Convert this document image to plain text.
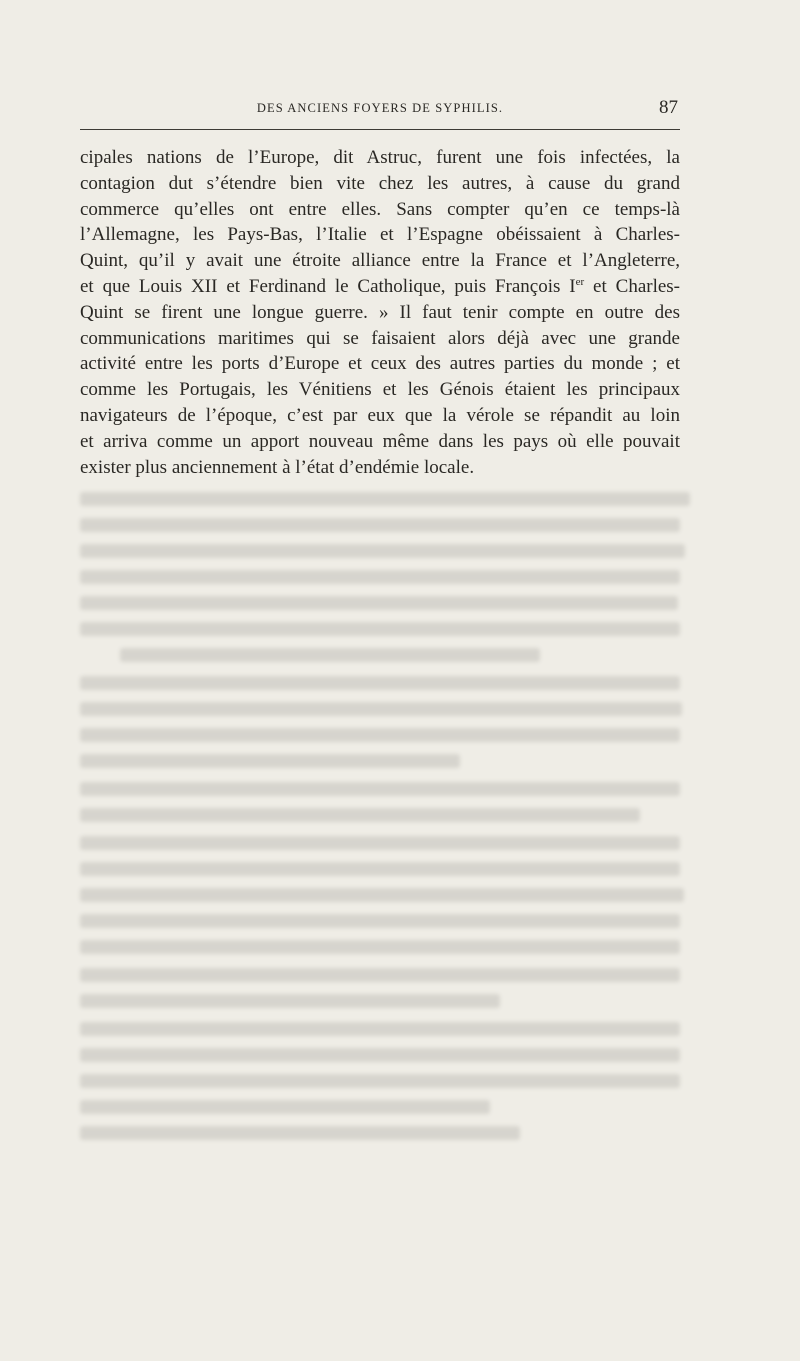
DES ANCIENS FOYERS DE SYPHILIS.	87
cipales nations de l’Europe, dit Astruc, furent une fois infectées, la
contagion dut s’étendre bien vite chez les autres, à cause du grand
commerce qu’elles ont entre elles. Sans compter qu’en ce temps-là
l’Allemagne, les Pays-Bas, l’Italie et l’Espagne obéissaient à Charles-
Quint, qu’il y avait une étroite alliance entre la France et l’Angleterre,
et que Louis XII et Ferdinand le Catholique, puis François Ier et Charles-
Quint se firent une longue guerre. » Il faut tenir compte en outre des
communications maritimes qui se faisaient alors déjà avec une grande
activité entre les ports d’Europe et ceux des autres parties du monde ; et
comme les Portugais, les Vénitiens et les Génois étaient les principaux
navigateurs de l’époque, c’est par eux que la vérole se répandit au loin
et arriva comme un apport nouveau même dans les pays où elle pouvait
exister plus anciennement à l’état d’endémie locale.
